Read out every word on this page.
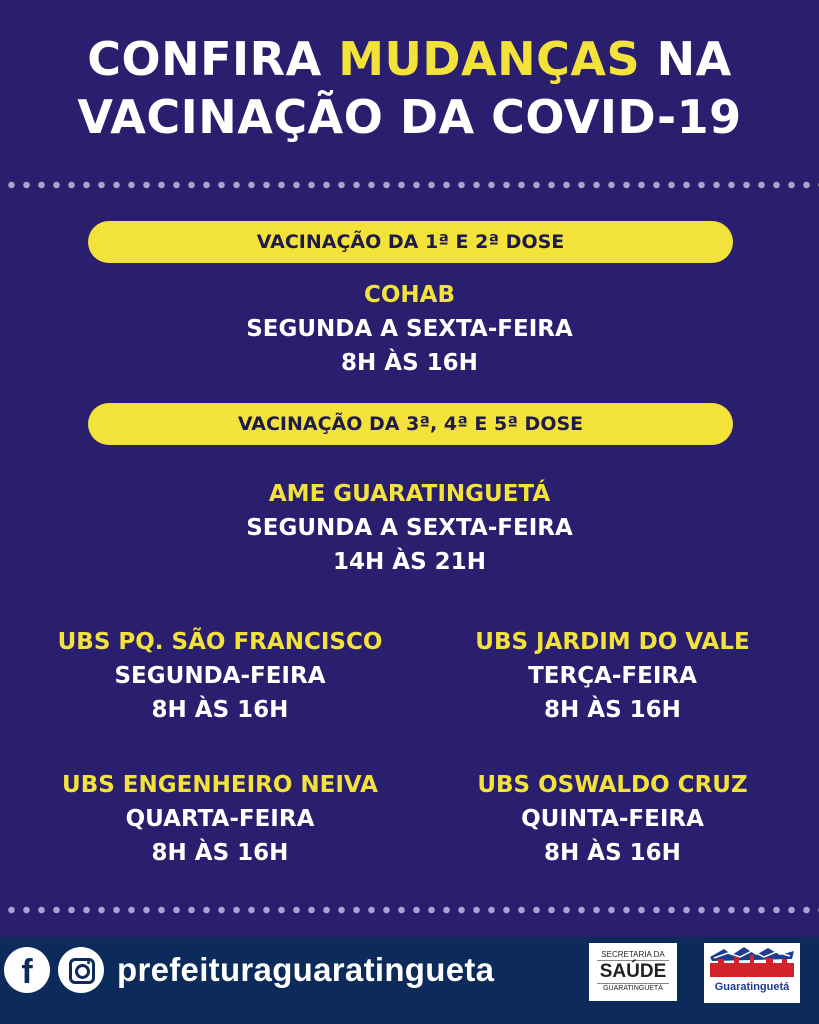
CONFIRA MUDANÇAS NA
VACINAÇÃO DA COVID-19
VACINAÇÃO DA 1ª E 2ª DOSE
COHAB
SEGUNDA A SEXTA-FEIRA
8H ÀS 16H
VACINAÇÃO DA 3ª, 4ª E 5ª DOSE
AME GUARATINGUETÁ
SEGUNDA A SEXTA-FEIRA
14H ÀS 21H
UBS PQ. SÃO FRANCISCO
SEGUNDA-FEIRA
8H ÀS 16H
UBS JARDIM DO VALE
TERÇA-FEIRA
8H ÀS 16H
UBS ENGENHEIRO NEIVA
QUARTA-FEIRA
8H ÀS 16H
UBS OSWALDO CRUZ
QUINTA-FEIRA
8H ÀS 16H
f	prefeituraguaratingueta	SECRETARIA DA
SAÚDE
GUARATINGUETÁ	Guaratinguetá
